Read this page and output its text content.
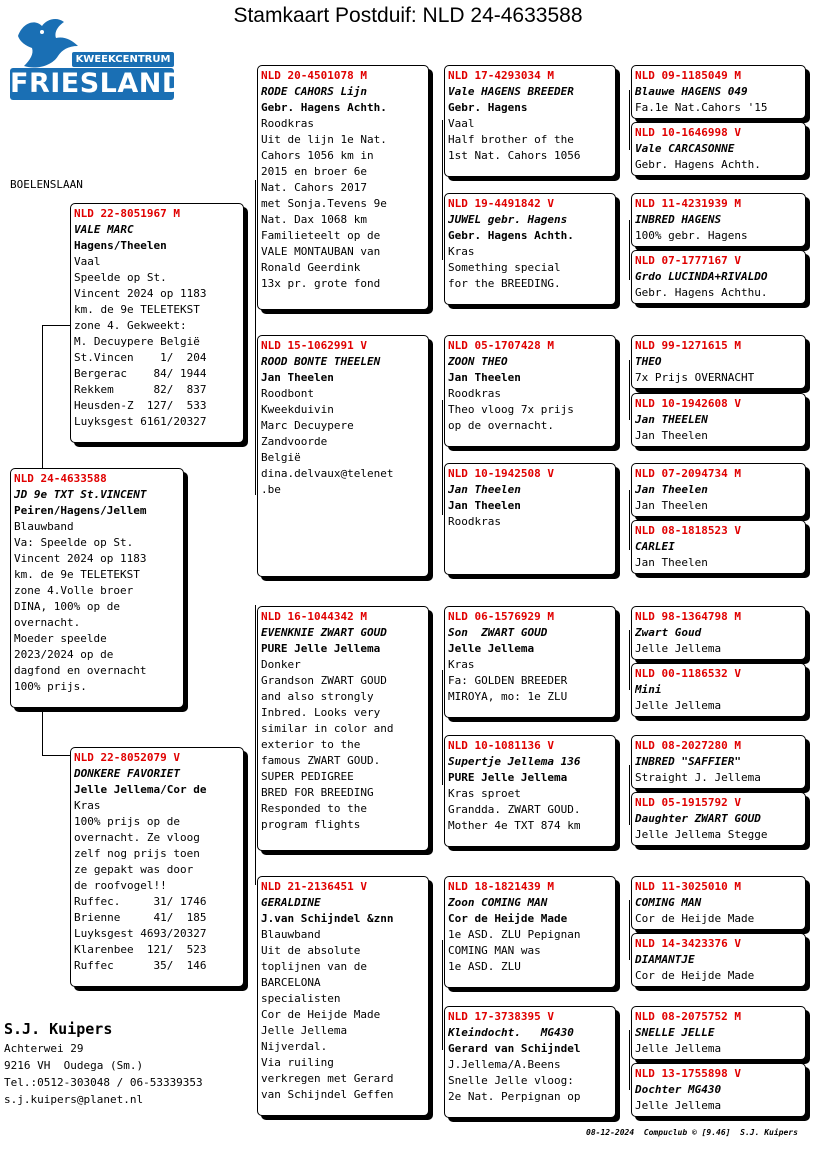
Stamkaart Postduif: NLD 24-4633588
KWEEKCENTRUM
FRIESLAND
BOELENSLAAN
NLD 24-4633588
JD 9e TXT St.VINCENT
Peiren/Hagens/Jellem
Blauwband
Va: Speelde op St.
Vincent 2024 op 1183
km. de 9e TELETEKST
zone 4.Volle broer
DINA, 100% op de
overnacht.
Moeder speelde
2023/2024 op de
dagfond en overnacht
100% prijs.
NLD 22-8051967 M
VALE MARC
Hagens/Theelen
Vaal
Speelde op St.
Vincent 2024 op 1183
km. de 9e TELETEKST
zone 4. Gekweekt:
M. Decuypere België
St.Vincen    1/  204
Bergerac    84/ 1944
Rekkem      82/  837
Heusden-Z  127/  533
Luyksgest 6161/20327
NLD 22-8052079 V
DONKERE FAVORIET
Jelle Jellema/Cor de
Kras
100% prijs op de
overnacht. Ze vloog
zelf nog prijs toen
ze gepakt was door
de roofvogel!!
Ruffec.     31/ 1746
Brienne     41/  185
Luyksgest 4693/20327
Klarenbee  121/  523
Ruffec      35/  146
NLD 20-4501078 M
RODE CAHORS Lijn
Gebr. Hagens Achth.
Roodkras
Uit de lijn 1e Nat.
Cahors 1056 km in
2015 en broer 6e
Nat. Cahors 2017
met Sonja.Tevens 9e
Nat. Dax 1068 km
Familieteelt op de
VALE MONTAUBAN van
Ronald Geerdink
13x pr. grote fond
NLD 15-1062991 V
ROOD BONTE THEELEN
Jan Theelen
Roodbont
Kweekduivin
Marc Decuypere
Zandvoorde
België
dina.delvaux@telenet
.be
NLD 16-1044342 M
EVENKNIE ZWART GOUD
PURE Jelle Jellema
Donker
Grandson ZWART GOUD
and also strongly
Inbred. Looks very
similar in color and
exterior to the
famous ZWART GOUD.
SUPER PEDIGREE
BRED FOR BREEDING
Responded to the
program flights
NLD 21-2136451 V
GERALDINE
J.van Schijndel &znn
Blauwband
Uit de absolute
toplijnen van de
BARCELONA
specialisten
Cor de Heijde Made
Jelle Jellema
Nijverdal.
Via ruiling
verkregen met Gerard
van Schijndel Geffen
NLD 17-4293034 M
Vale HAGENS BREEDER
Gebr. Hagens
Vaal
Half brother of the
1st Nat. Cahors 1056
NLD 19-4491842 V
JUWEL gebr. Hagens
Gebr. Hagens Achth.
Kras
Something special
for the BREEDING.
NLD 05-1707428 M
ZOON THEO
Jan Theelen
Roodkras
Theo vloog 7x prijs
op de overnacht.
NLD 10-1942508 V
Jan Theelen
Jan Theelen
Roodkras
NLD 06-1576929 M
Son  ZWART GOUD
Jelle Jellema
Kras
Fa: GOLDEN BREEDER
MIROYA, mo: 1e ZLU
NLD 10-1081136 V
Supertje Jellema 136
PURE Jelle Jellema
Kras sproet
Grandda. ZWART GOUD.
Mother 4e TXT 874 km
NLD 18-1821439 M
Zoon COMING MAN
Cor de Heijde Made
1e ASD. ZLU Pepignan
COMING MAN was
1e ASD. ZLU
NLD 17-3738395 V
Kleindocht.   MG430
Gerard van Schijndel
J.Jellema/A.Beens
Snelle Jelle vloog:
2e Nat. Perpignan op
NLD 09-1185049 M
Blauwe HAGENS 049
Fa.1e Nat.Cahors '15
NLD 10-1646998 V
Vale CARCASONNE
Gebr. Hagens Achth.
NLD 11-4231939 M
INBRED HAGENS
100% gebr. Hagens
NLD 07-1777167 V
Grdo LUCINDA+RIVALDO
Gebr. Hagens Achthu.
NLD 99-1271615 M
THEO
7x Prijs OVERNACHT
NLD 10-1942608 V
Jan THEELEN
Jan Theelen
NLD 07-2094734 M
Jan Theelen
Jan Theelen
NLD 08-1818523 V
CARLEI
Jan Theelen
NLD 98-1364798 M
Zwart Goud
Jelle Jellema
NLD 00-1186532 V
Mini
Jelle Jellema
NLD 08-2027280 M
INBRED "SAFFIER"
Straight J. Jellema
NLD 05-1915792 V
Daughter ZWART GOUD
Jelle Jellema Stegge
NLD 11-3025010 M
COMING MAN
Cor de Heijde Made
NLD 14-3423376 V
DIAMANTJE
Cor de Heijde Made
NLD 08-2075752 M
SNELLE JELLE
Jelle Jellema
NLD 13-1755898 V
Dochter MG430
Jelle Jellema
S.J. Kuipers
Achterwei 29
9216 VH  Oudega (Sm.)
Tel.:0512-303048 / 06-53339353
s.j.kuipers@planet.nl
08-12-2024  Compuclub © [9.46]  S.J. Kuipers
